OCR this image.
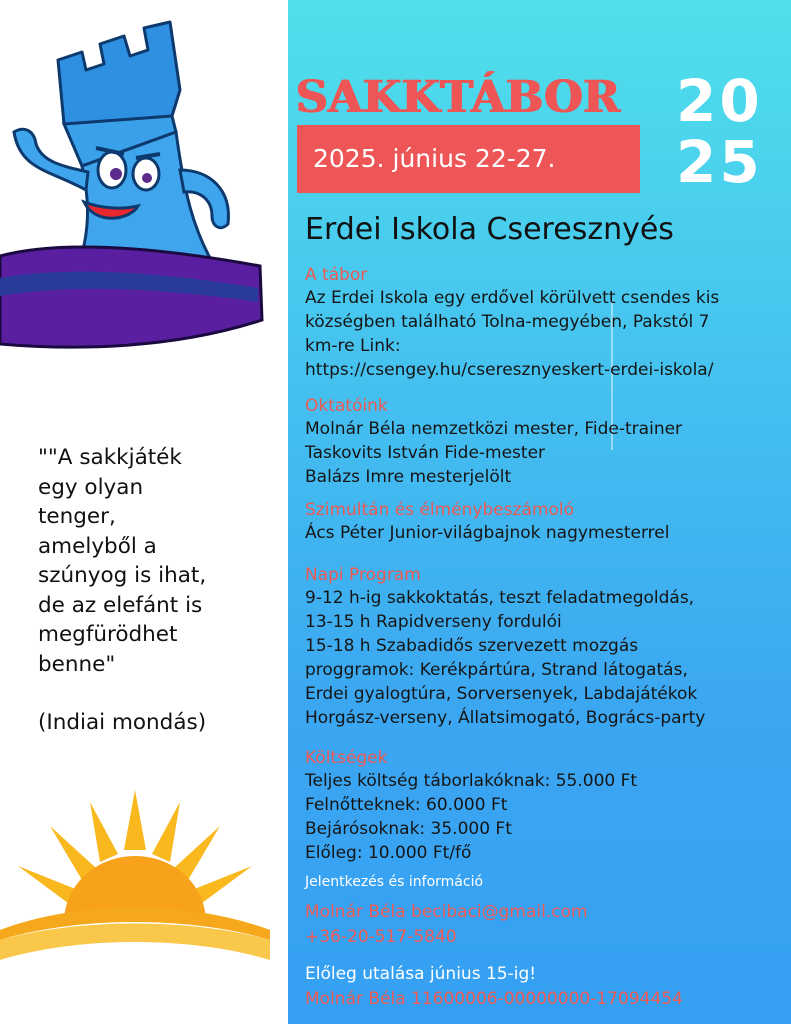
""A sakkjáték

egy olyan

tenger,

amelyből a

szúnyog is ihat,

de az elefánt is

megfürödhet

benne"

(Indiai mondás)

SAKKTÁBOR
2025. június 22-27.
20
25
Erdei Iskola Cseresznyés
A tábor
Az Erdei Iskola egy erdővel körülvett csendes kis
községben található Tolna-megyében, Pakstól 7
km-re Link:
https://csengey.hu/cseresznyeskert-erdei-iskola/
Oktatóink
Molnár Béla nemzetközi mester, Fide-trainer
Taskovits István Fide-mester
Balázs Imre mesterjelölt
Szimultán és élménybeszámoló
Ács Péter Junior-világbajnok nagymesterrel
Napi Program
9-12 h-ig sakkoktatás, teszt feladatmegoldás,
13-15 h Rapidverseny fordulói
15-18 h Szabadidős szervezett mozgás
proggramok: Kerékpártúra, Strand látogatás,
Erdei gyalogtúra, Sorversenyek, Labdajátékok
Horgász-verseny, Állatsimogató, Bogrács-party
Költségek
Teljes költség táborlakóknak: 55.000 Ft
Felnőtteknek: 60.000 Ft
Bejárósoknak: 35.000 Ft
Előleg: 10.000 Ft/fő
Jelentkezés és információ
Molnár Béla becibaci@gmail.com
+36-20-517-5840
Előleg utalása június 15-ig!
Molnár Béla 11600006-00000000-17094454
